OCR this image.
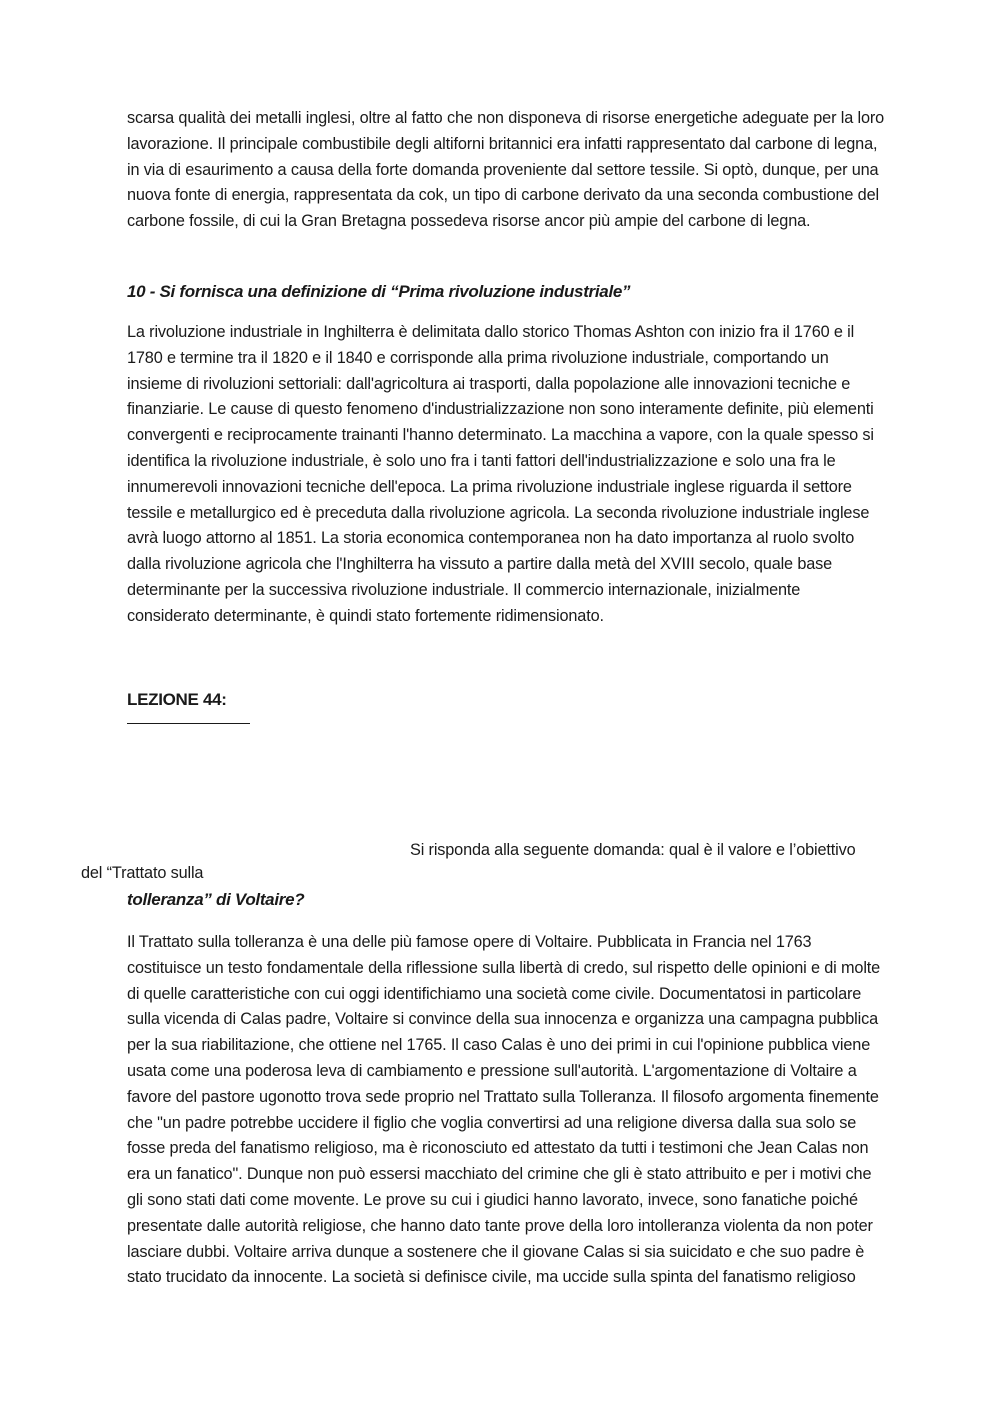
scarsa qualità dei metalli inglesi, oltre al fatto che non disponeva di risorse energetiche adeguate per la loro lavorazione. Il principale combustibile degli altiforni britannici era infatti rappresentato dal carbone di legna, in via di esaurimento a causa della forte domanda proveniente dal settore tessile. Si optò, dunque, per una nuova fonte di energia, rappresentata da cok, un tipo di carbone derivato da una seconda combustione del carbone fossile, di cui la Gran Bretagna possedeva risorse ancor più ampie del carbone di legna.

10 - Si fornisca una definizione di “Prima rivoluzione industriale”

La rivoluzione industriale in Inghilterra è delimitata dallo storico Thomas Ashton con inizio fra il 1760 e il 1780 e termine tra il 1820 e il 1840 e corrisponde alla prima rivoluzione industriale, comportando un insieme di rivoluzioni settoriali: dall'agricoltura ai trasporti, dalla popolazione alle innovazioni tecniche e finanziarie. Le cause di questo fenomeno d'industrializzazione non sono interamente definite, più elementi convergenti e reciprocamente trainanti l'hanno determinato. La macchina a vapore, con la quale spesso si identifica la rivoluzione industriale, è solo uno fra i tanti fattori dell'industrializzazione e solo una fra le innumerevoli innovazioni tecniche dell'epoca. La prima rivoluzione industriale inglese riguarda il settore tessile e metallurgico ed è preceduta dalla rivoluzione agricola. La seconda rivoluzione industriale inglese avrà luogo attorno al 1851. La storia economica contemporanea non ha dato importanza al ruolo svolto dalla rivoluzione agricola che l'Inghilterra ha vissuto a partire dalla metà del XVIII secolo, quale base determinante per la successiva rivoluzione industriale. Il commercio internazionale, inizialmente considerato determinante, è quindi stato fortemente ridimensionato.

LEZIONE 44:

Si risponda alla seguente domanda: qual è il valore e l’obiettivo

del “Trattato sulla

tolleranza” di Voltaire?

Il Trattato sulla tolleranza è una delle più famose opere di Voltaire. Pubblicata in Francia nel 1763 costituisce un testo fondamentale della riflessione sulla libertà di credo, sul rispetto delle opinioni e di molte di quelle caratteristiche con cui oggi identifichiamo una società come civile. Documentatosi in particolare sulla vicenda di Calas padre, Voltaire si convince della sua innocenza e organizza una campagna pubblica per la sua riabilitazione, che ottiene nel 1765. Il caso Calas è uno dei primi in cui l'opinione pubblica viene usata come una poderosa leva di cambiamento e pressione sull'autorità. L'argomentazione di Voltaire a favore del pastore ugonotto trova sede proprio nel Trattato sulla Tolleranza. Il filosofo argomenta finemente che "un padre potrebbe uccidere il figlio che voglia convertirsi ad una religione diversa dalla sua solo se fosse preda del fanatismo religioso, ma è riconosciuto ed attestato da tutti i testimoni che Jean Calas non era un fanatico". Dunque non può essersi macchiato del crimine che gli è stato attribuito e per i motivi che gli sono stati dati come movente. Le prove su cui i giudici hanno lavorato, invece, sono fanatiche poiché presentate dalle autorità religiose, che hanno dato tante prove della loro intolleranza violenta da non poter lasciare dubbi. Voltaire arriva dunque a sostenere che il giovane Calas si sia suicidato e che suo padre è stato trucidato da innocente. La società si definisce civile, ma uccide sulla spinta del fanatismo religioso
